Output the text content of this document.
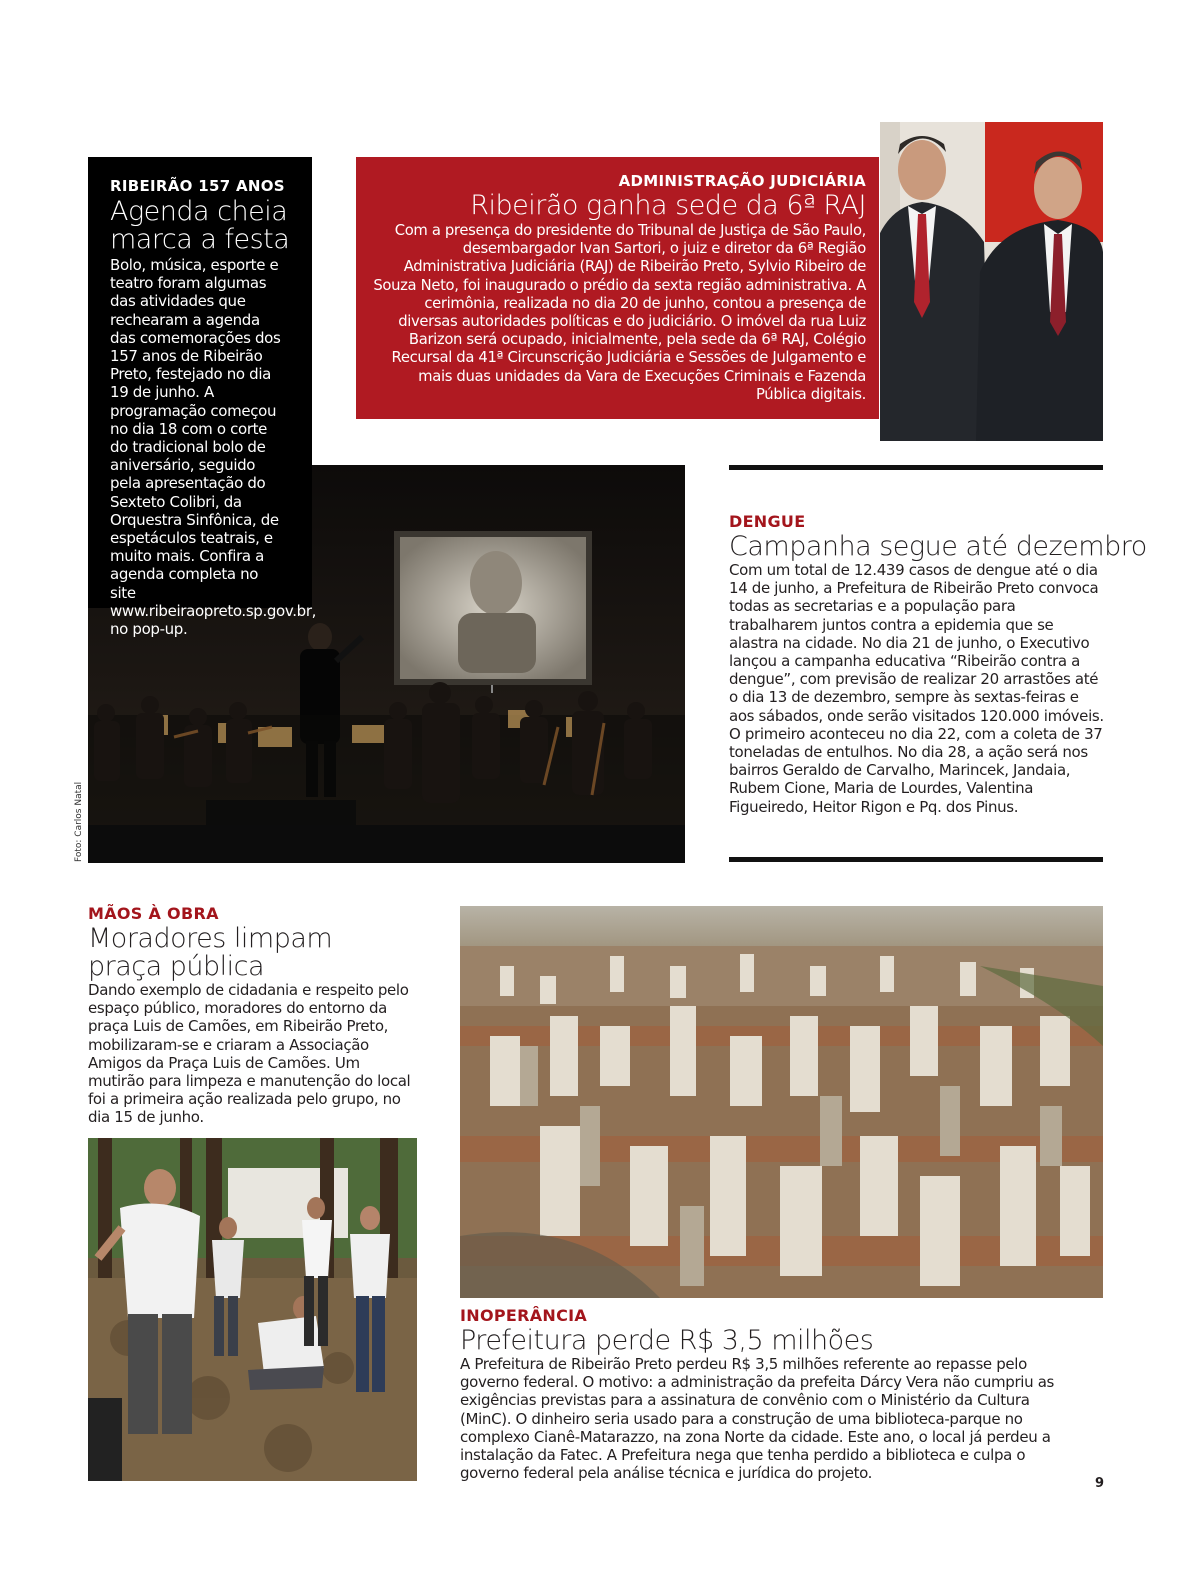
Foto: Carlos Natal
RIBEIRÃO 157 ANOS
Agenda cheia
marca a festa
Bolo, música, esporte e teatro foram algumas das atividades que rechearam a agenda das comemorações dos 157 anos de Ribeirão Preto, festejado no dia 19 de junho. A programação começou no dia 18 com o corte do tradicional bolo de aniversário, seguido pela apresentação do Sexteto Colibri, da Orquestra Sinfônica, de espetáculos teatrais, e muito mais. Confira a agenda completa no site www.ribeiraopreto.sp.gov.br, no pop-up.
ADMINISTRAÇÃO JUDICIÁRIA
Ribeirão ganha sede da 6ª RAJ
Com a presença do presidente do Tribunal de Justiça de São Paulo, desembargador Ivan Sartori, o juiz e diretor da 6ª Região Administrativa Judiciária (RAJ) de Ribeirão Preto, Sylvio Ribeiro de Souza Neto, foi inaugurado o prédio da sexta região administrativa. A cerimônia, realizada no dia 20 de junho, contou a presença de diversas autoridades políticas e do judiciário. O imóvel da rua Luiz Barizon será ocupado, inicialmente, pela sede da 6ª RAJ, Colégio Recursal da 41ª Circunscrição Judiciária e Sessões de Julgamento e mais duas unidades da Vara de Execuções Criminais e Fazenda Pública digitais.
DENGUE
Campanha segue até dezembro
Com um total de 12.439 casos de dengue até o dia 14 de junho, a Prefeitura de Ribeirão Preto convoca todas as secretarias e a população para trabalharem juntos contra a epidemia que se alastra na cidade. No dia 21 de junho, o Executivo lançou a campanha educativa “Ribeirão contra a dengue”, com previsão de realizar 20 arrastões até o dia 13 de dezembro, sempre às sextas-feiras e aos sábados, onde serão visitados 120.000 imóveis. O primeiro aconteceu no dia 22, com a coleta de 37 toneladas de entulhos. No dia 28, a ação será nos bairros Geraldo de Carvalho, Marincek, Jandaia, Rubem Cione, Maria de Lourdes, Valentina Figueiredo, Heitor Rigon e Pq. dos Pinus.
MÃOS À OBRA
Moradores limpam
praça pública
Dando exemplo de cidadania e respeito pelo espaço público, moradores do entorno da praça Luis de Camões, em Ribeirão Preto, mobilizaram-se e criaram a Associação Amigos da Praça Luis de Camões. Um mutirão para limpeza e manutenção do local foi a primeira ação realizada pelo grupo, no dia 15 de junho.
INOPERÂNCIA
Prefeitura perde R$ 3,5 milhões
A Prefeitura de Ribeirão Preto perdeu R$ 3,5 milhões referente ao repasse pelo governo federal. O motivo: a administração da prefeita Dárcy Vera não cumpriu as exigências previstas para a assinatura de convênio com o Ministério da Cultura (MinC). O dinheiro seria usado para a construção de uma biblioteca-parque no complexo Cianê-Matarazzo, na zona Norte da cidade. Este ano, o local já perdeu a instalação da Fatec. A Prefeitura nega que tenha perdido a biblioteca e culpa o governo federal pela análise técnica e jurídica do projeto.
9
